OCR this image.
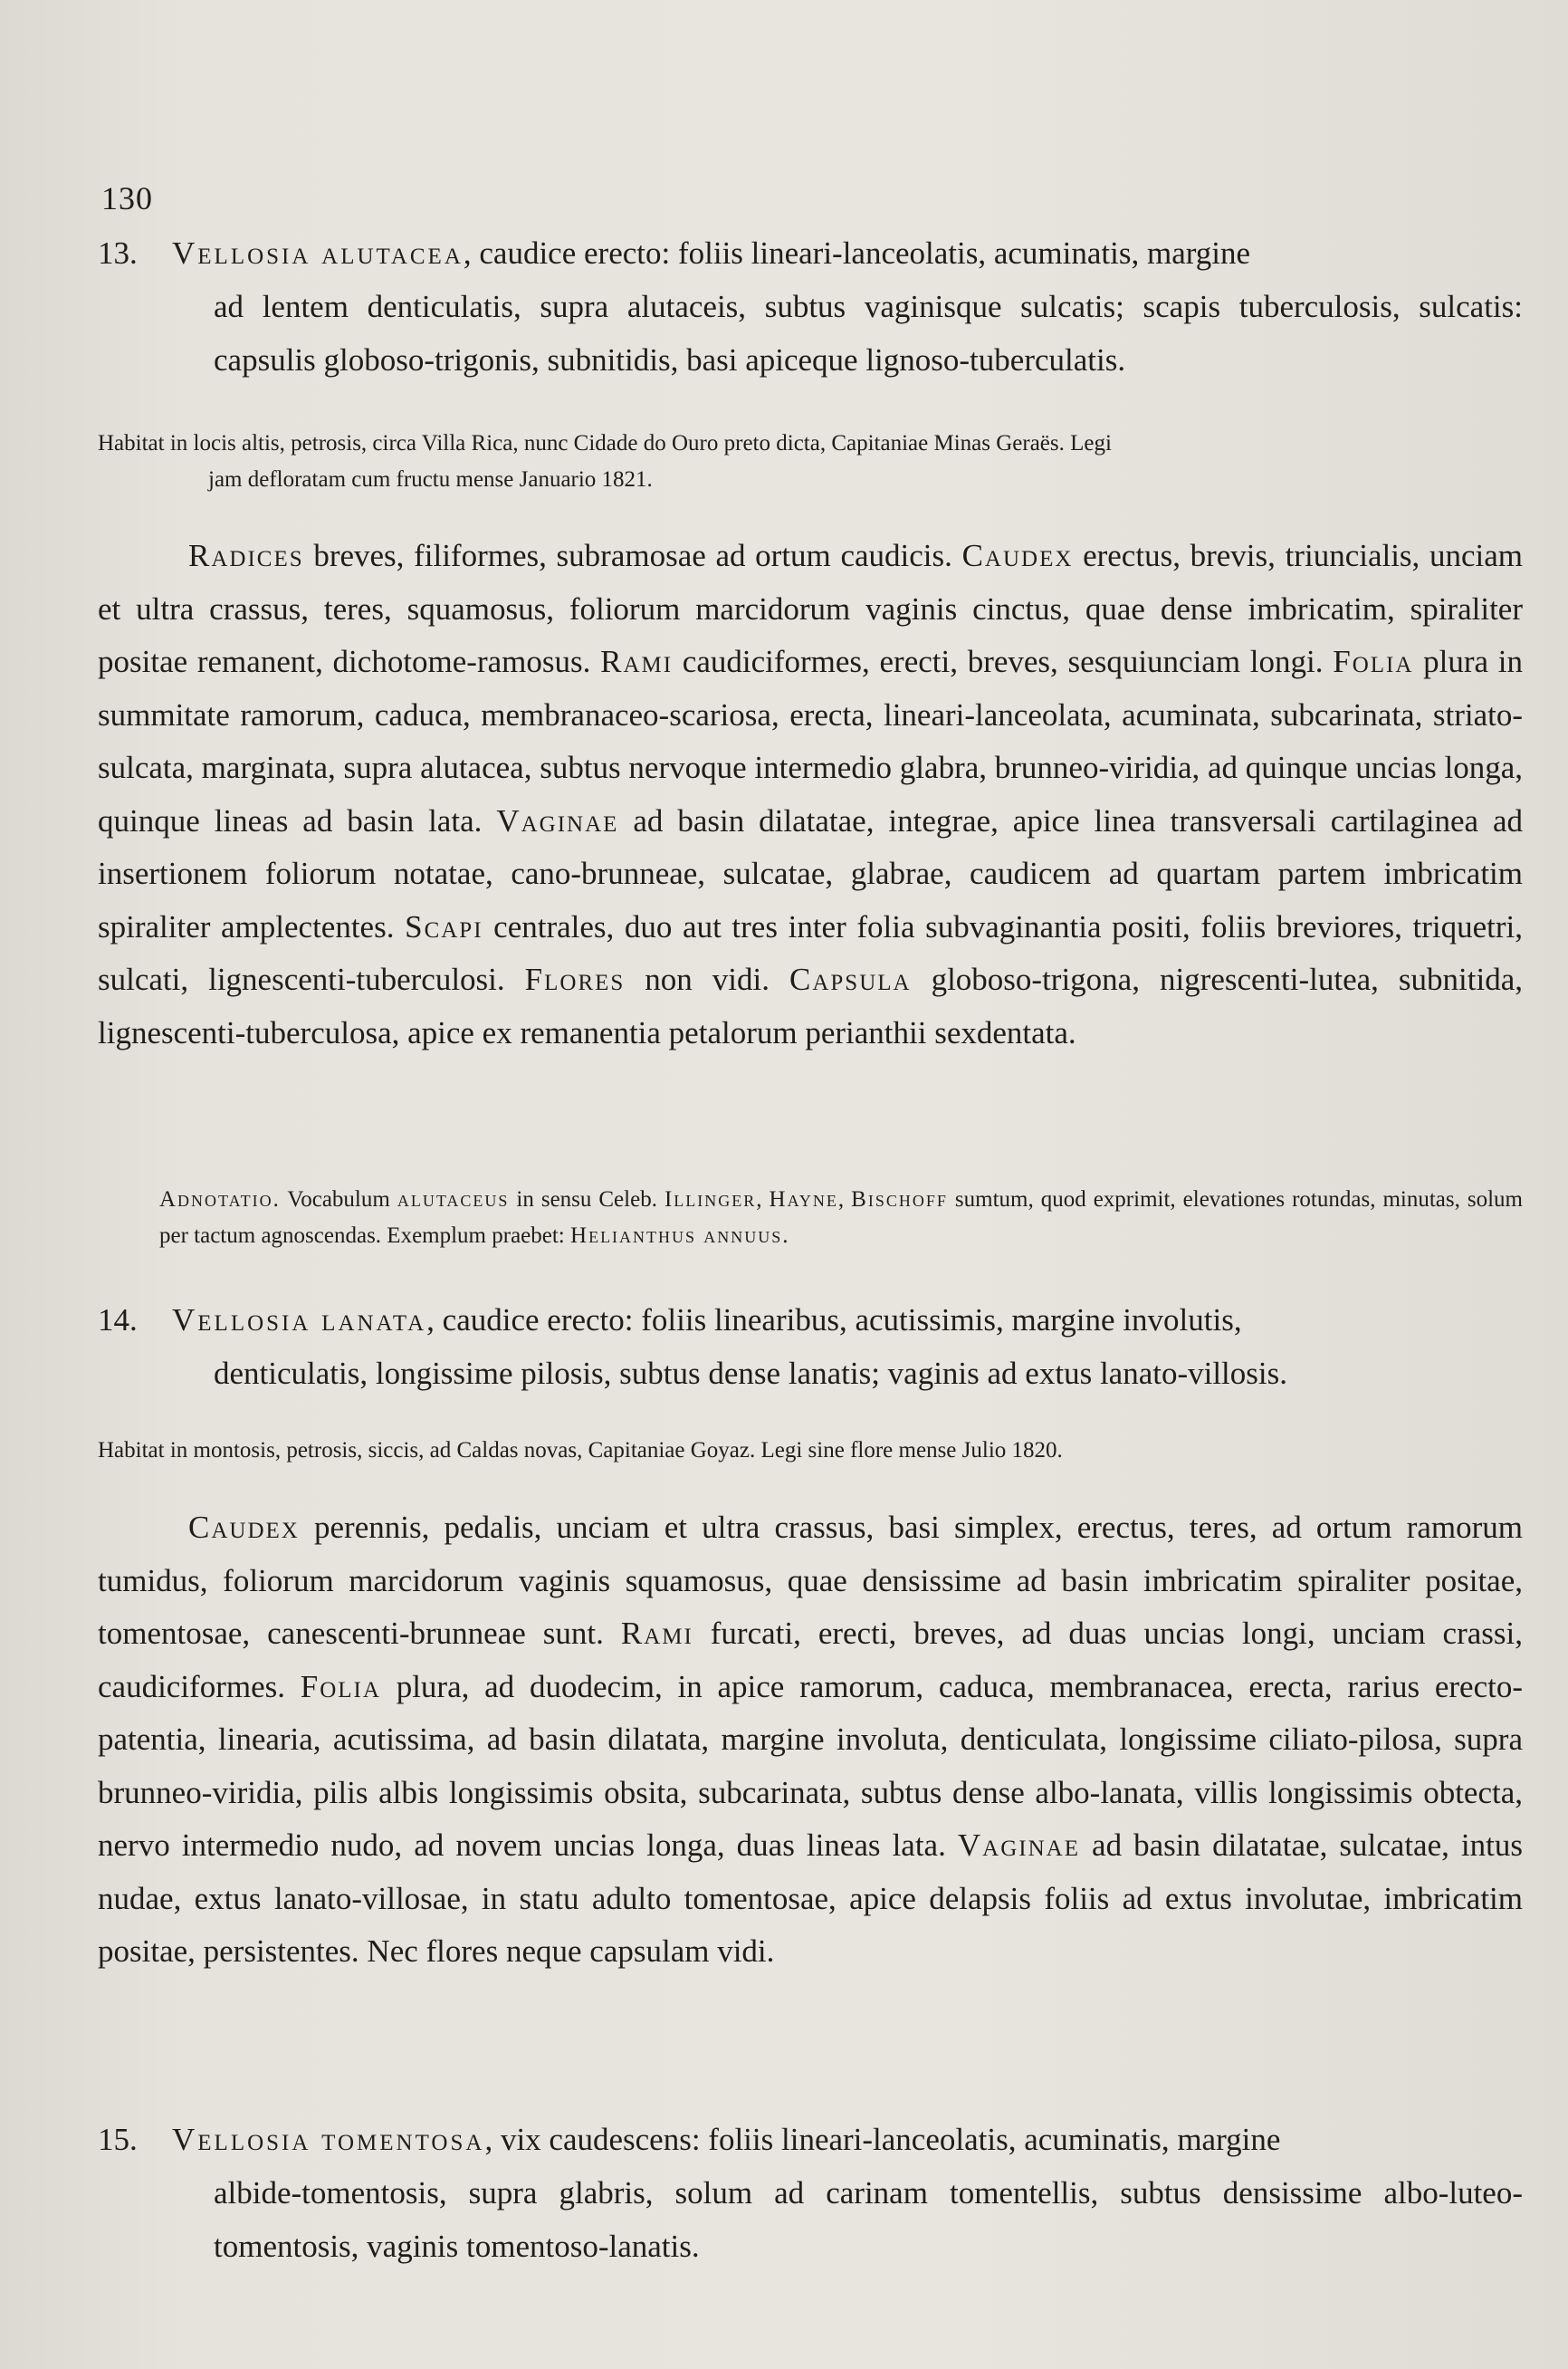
130
13. Vellosia alutacea, caudice erecto: foliis lineari-lanceolatis, acuminatis, margine
ad lentem denticulatis, supra alutaceis, subtus vaginisque sulcatis; scapis tuberculosis, sulcatis: capsulis globoso-trigonis, subnitidis, basi apiceque lignoso-tuberculatis.
Habitat in locis altis, petrosis, circa Villa Rica, nunc Cidade do Ouro preto dicta, Capitaniae Minas Geraës. Legi
jam defloratam cum fructu mense Januario 1821.
Radices breves, filiformes, subramosae ad ortum caudicis. Caudex erectus, brevis, triuncialis, unciam et ultra crassus, teres, squamosus, foliorum marcidorum vaginis cinctus, quae dense imbricatim, spiraliter positae remanent, dichotome-ramosus. Rami caudiciformes, erecti, breves, sesquiunciam longi. Folia plura in summitate ramorum, caduca, membranaceo-scariosa, erecta, lineari-lanceolata, acuminata, subcarinata, striato-sulcata, marginata, supra alutacea, subtus nervoque intermedio glabra, brunneo-viridia, ad quinque uncias longa, quinque lineas ad basin lata. Vaginae ad basin dilatatae, integrae, apice linea transversali cartilaginea ad insertionem foliorum notatae, cano-brunneae, sulcatae, glabrae, caudicem ad quartam partem imbricatim spiraliter amplectentes. Scapi centrales, duo aut tres inter folia subvaginantia positi, foliis breviores, triquetri, sulcati, lignescenti-tuberculosi. Flores non vidi. Capsula globoso-trigona, nigrescenti-lutea, subnitida, lignescenti-tuberculosa, apice ex remanentia petalorum perianthii sexdentata.
Adnotatio. Vocabulum alutaceus in sensu Celeb. Illinger, Hayne, Bischoff sumtum, quod exprimit, elevationes rotundas, minutas, solum per tactum agnoscendas. Exemplum praebet: Helianthus annuus.
14. Vellosia lanata, caudice erecto: foliis linearibus, acutissimis, margine involutis,
denticulatis, longissime pilosis, subtus dense lanatis; vaginis ad extus lanato-villosis.
Habitat in montosis, petrosis, siccis, ad Caldas novas, Capitaniae Goyaz. Legi sine flore mense Julio 1820.
Caudex perennis, pedalis, unciam et ultra crassus, basi simplex, erectus, teres, ad ortum ramorum tumidus, foliorum marcidorum vaginis squamosus, quae densissime ad basin imbricatim spiraliter positae, tomentosae, canescenti-brunneae sunt. Rami furcati, erecti, breves, ad duas uncias longi, unciam crassi, caudiciformes. Folia plura, ad duodecim, in apice ramorum, caduca, membranacea, erecta, rarius erecto-patentia, linearia, acutissima, ad basin dilatata, margine involuta, denticulata, longissime ciliato-pilosa, supra brunneo-viridia, pilis albis longissimis obsita, subcarinata, subtus dense albo-lanata, villis longissimis obtecta, nervo intermedio nudo, ad novem uncias longa, duas lineas lata. Vaginae ad basin dilatatae, sulcatae, intus nudae, extus lanato-villosae, in statu adulto tomentosae, apice delapsis foliis ad extus involutae, imbricatim positae, persistentes. Nec flores neque capsulam vidi.
15. Vellosia tomentosa, vix caudescens: foliis lineari-lanceolatis, acuminatis, margine
albide-tomentosis, supra glabris, solum ad carinam tomentellis, subtus densissime albo-luteo-tomentosis, vaginis tomentoso-lanatis.
